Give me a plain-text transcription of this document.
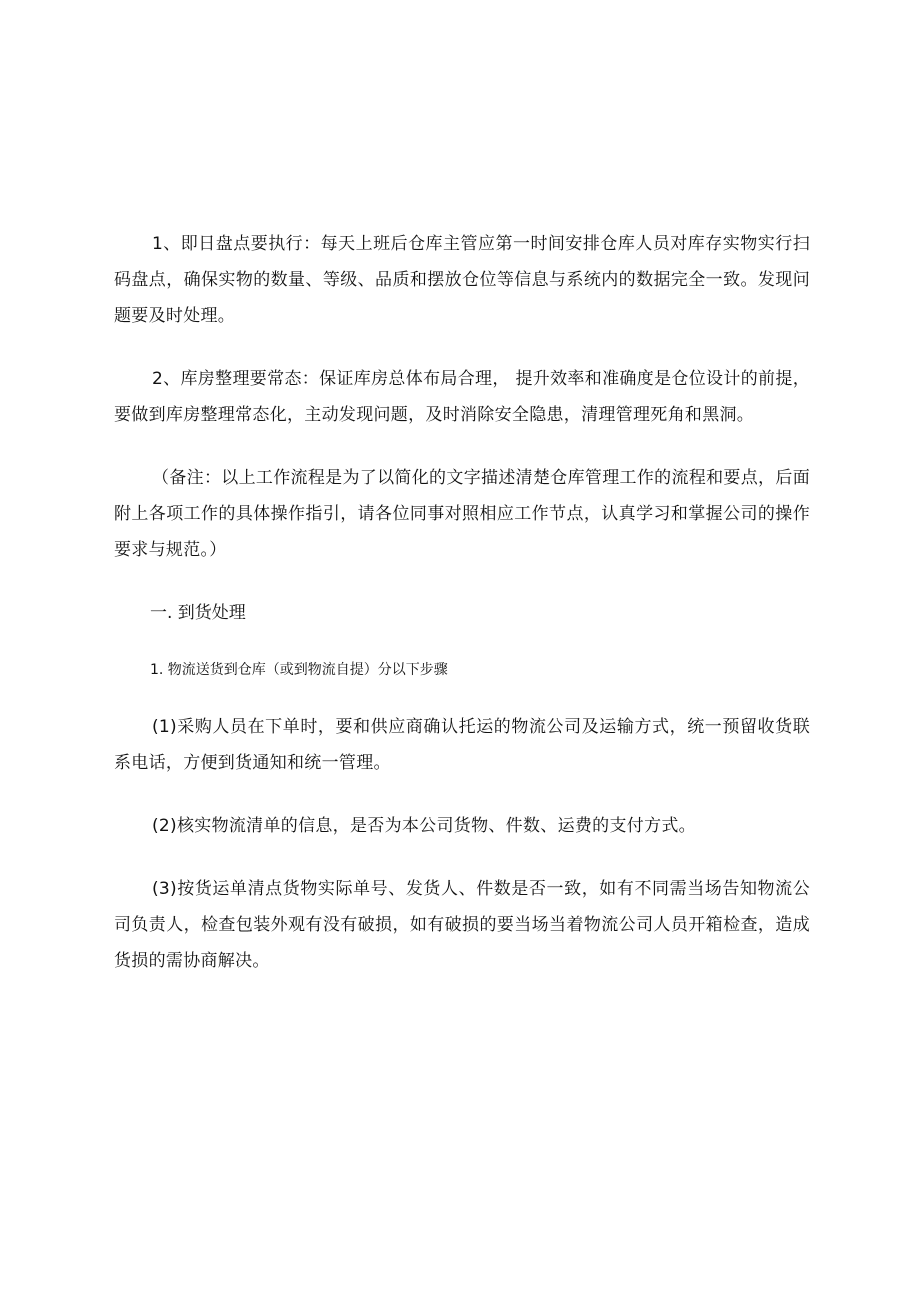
1、即日盘点要执行：每天上班后仓库主管应第一时间安排仓库人员对库存实物实行扫码盘点，确保实物的数量、等级、品质和摆放仓位等信息与系统内的数据完全一致。发现问题要及时处理。

2、库房整理要常态：保证库房总体布局合理， 提升效率和准确度是仓位设计的前提，要做到库房整理常态化，主动发现问题，及时消除安全隐患，清理管理死角和黑洞。

（备注：以上工作流程是为了以简化的文字描述清楚仓库管理工作的流程和要点，后面附上各项工作的具体操作指引，请各位同事对照相应工作节点，认真学习和掌握公司的操作要求与规范。）

一. 到货处理
1. 物流送货到仓库（或到物流自提）分以下步骤

(1)采购人员在下单时，要和供应商确认托运的物流公司及运输方式，统一预留收货联系电话，方便到货通知和统一管理。

(2)核实物流清单的信息，是否为本公司货物、件数、运费的支付方式。

(3)按货运单清点货物实际单号、发货人、件数是否一致，如有不同需当场告知物流公司负责人，检查包装外观有没有破损，如有破损的要当场当着物流公司人员开箱检查，造成货损的需协商解决。
